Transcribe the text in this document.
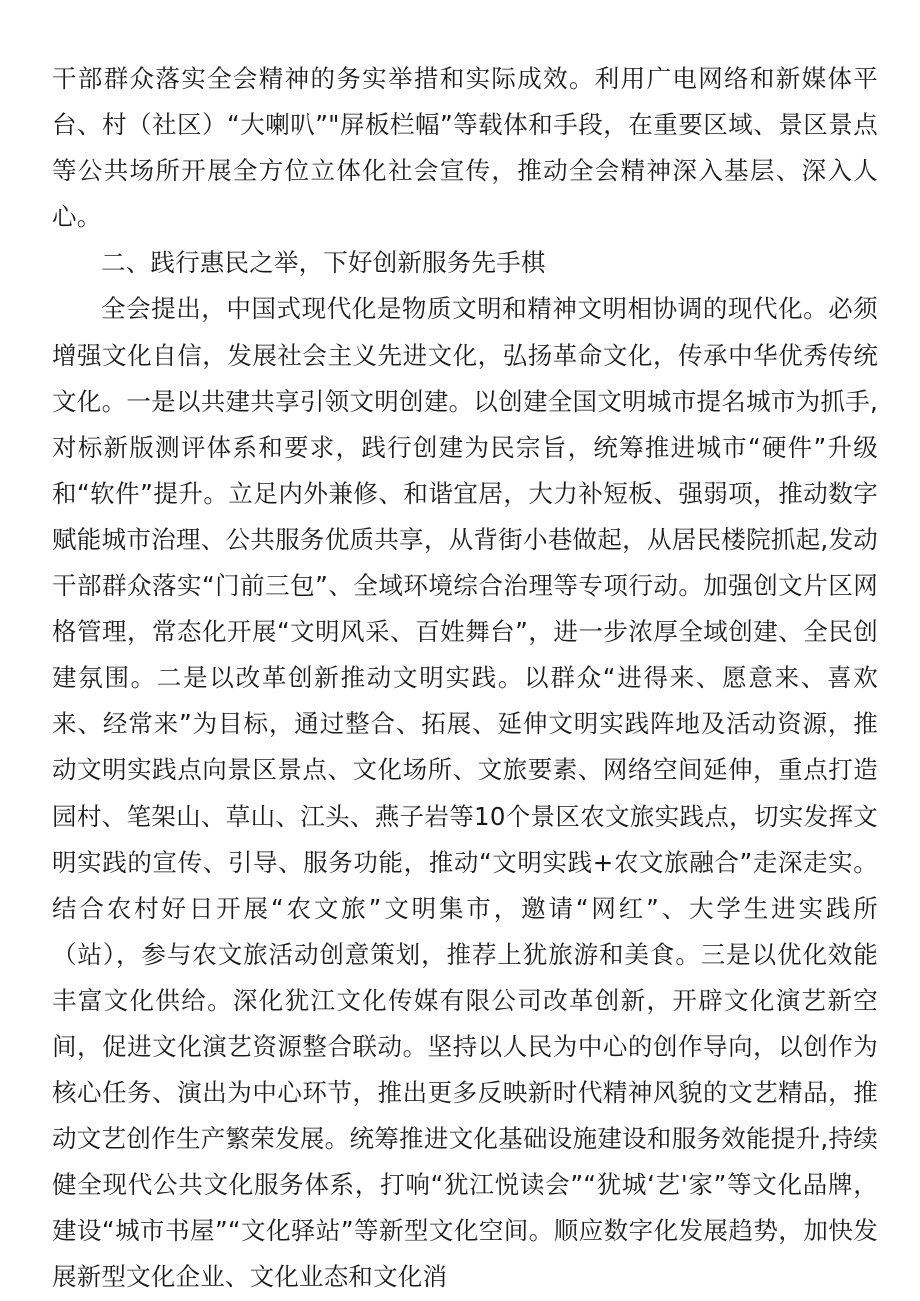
干部群众落实全会精神的务实举措和实际成效。利用广电网络和新媒体平台、村（社区）“大喇叭”"屏板栏幅”等载体和手段，在重要区域、景区景点等公共场所开展全方位立体化社会宣传，推动全会精神深入基层、深入人心。

二、践行惠民之举，下好创新服务先手棋

全会提出，中国式现代化是物质文明和精神文明相协调的现代化。必须增强文化自信，发展社会主义先进文化，弘扬革命文化，传承中华优秀传统文化。一是以共建共享引领文明创建。以创建全国文明城市提名城市为抓手,对标新版测评体系和要求，践行创建为民宗旨，统筹推进城市“硬件”升级和“软件”提升。立足内外兼修、和谐宜居，大力补短板、强弱项，推动数字赋能城市治理、公共服务优质共享，从背街小巷做起，从居民楼院抓起,发动干部群众落实“门前三包”、全域环境综合治理等专项行动。加强创文片区网格管理，常态化开展“文明风采、百姓舞台”，进一步浓厚全域创建、全民创建氛围。二是以改革创新推动文明实践。以群众“进得来、愿意来、喜欢来、经常来”为目标，通过整合、拓展、延伸文明实践阵地及活动资源，推动文明实践点向景区景点、文化场所、文旅要素、网络空间延伸，重点打造园村、笔架山、草山、江头、燕子岩等10个景区农文旅实践点，切实发挥文明实践的宣传、引导、服务功能，推动“文明实践+农文旅融合”走深走实。结合农村好日开展“农文旅”文明集市，邀请“网红”、大学生进实践所（站），参与农文旅活动创意策划，推荐上犹旅游和美食。三是以优化效能丰富文化供给。深化犹江文化传媒有限公司改革创新，开辟文化演艺新空间，促进文化演艺资源整合联动。坚持以人民为中心的创作导向，以创作为核心任务、演出为中心环节，推出更多反映新时代精神风貌的文艺精品，推动文艺创作生产繁荣发展。统筹推进文化基础设施建设和服务效能提升,持续健全现代公共文化服务体系，打响“犹江悦读会”“犹城‘艺'家”等文化品牌，建设“城市书屋”“文化驿站”等新型文化空间。顺应数字化发展趋势，加快发展新型文化企业、文化业态和文化消
